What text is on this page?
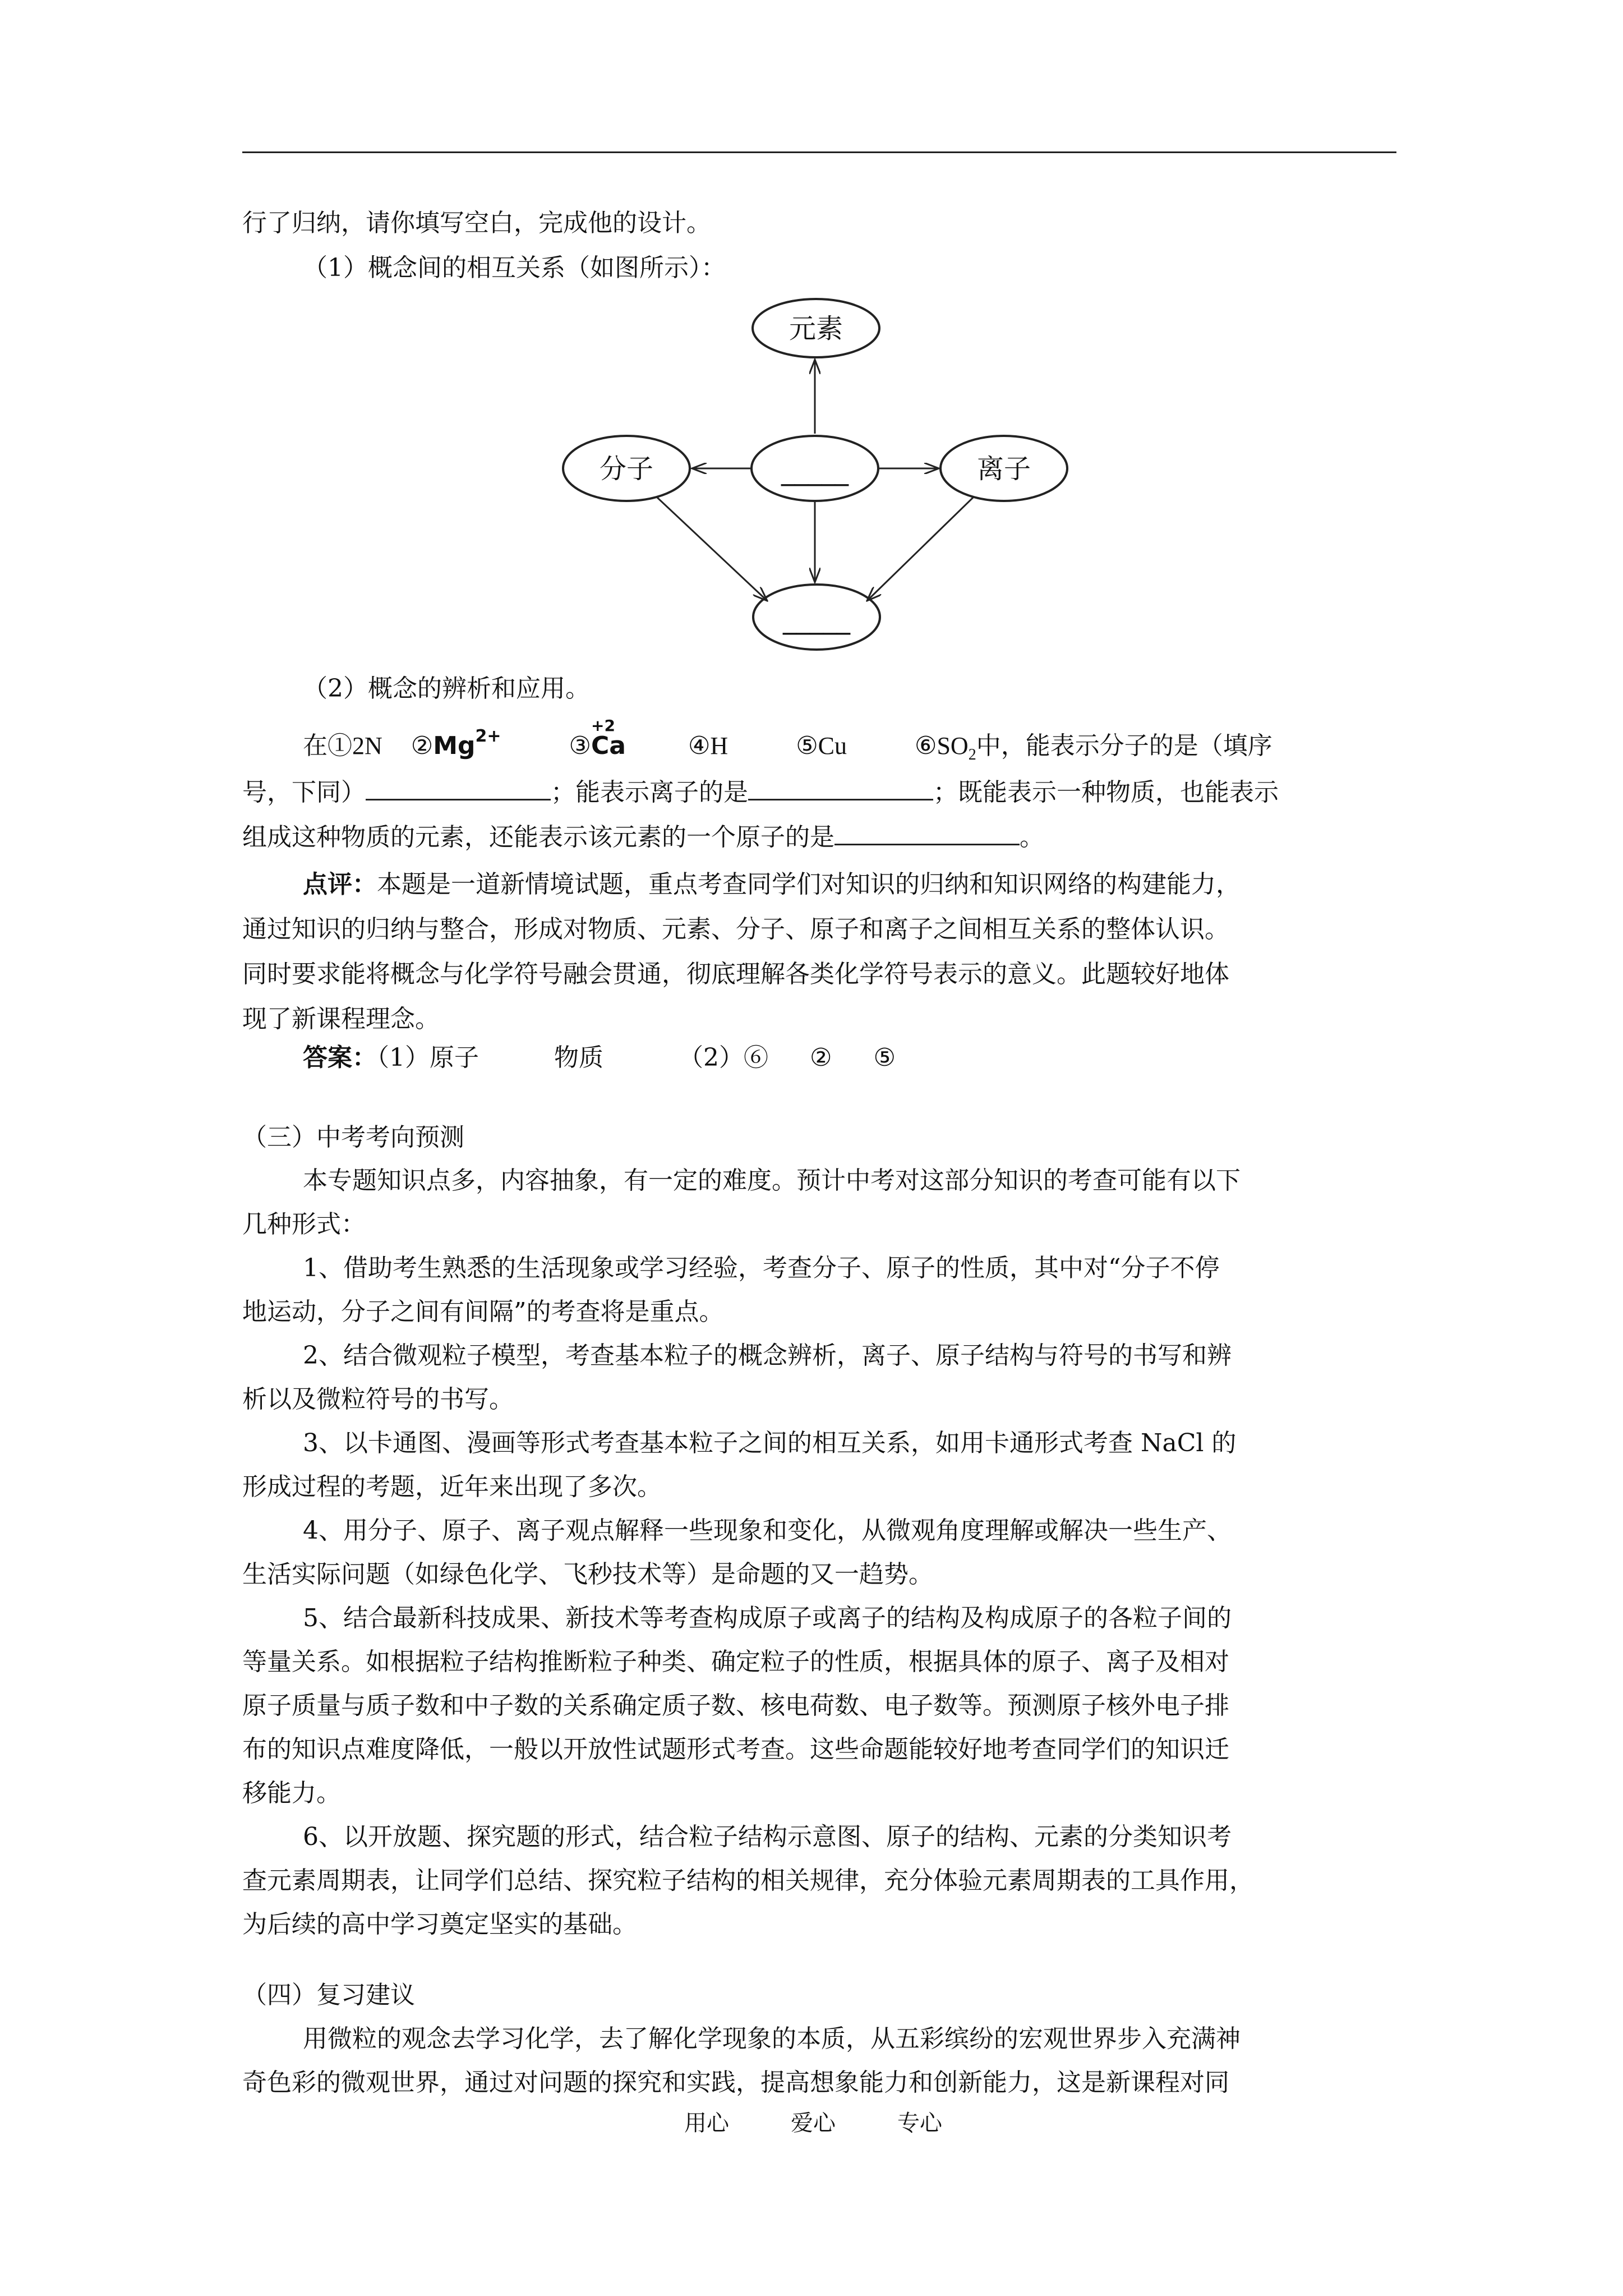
行了归纳，请你填写空白，完成他的设计。
（1）概念间的相互关系（如图所示）：
元素
分子	_____	离子
_____
（2）概念的辨析和应用。
在①2N $②Mg^{2+}$	③Ca
+2
④H	⑤Cu	$⑥SO_2$中，能表示分子的是（填序
号，下同）	；能表示离子的是	；既能表示一种物质，也能表示
组成这种物质的元素，还能表示该元素的一个原子的是	。
点评：本题是一道新情境试题，重点考查同学们对知识的归纳和知识网络的构建能力，
通过知识的归纳与整合，形成对物质、元素、分子、原子和离子之间相互关系的整体认识。
同时要求能将概念与化学符号融会贯通，彻底理解各类化学符号表示的意义。此题较好地体
现了新课程理念。
答案：（1）原子	物质	（2）⑥ ② ⑤
（三）中考考向预测
本专题知识点多，内容抽象，有一定的难度。预计中考对这部分知识的考查可能有以下
几种形式：
1、借助考生熟悉的生活现象或学习经验，考查分子、原子的性质，其中对“分子不停
地运动，分子之间有间隔”的考查将是重点。
2、结合微观粒子模型，考查基本粒子的概念辨析，离子、原子结构与符号的书写和辨
析以及微粒符号的书写。
3、以卡通图、漫画等形式考查基本粒子之间的相互关系，如用卡通形式考查 NaCl 的
形成过程的考题，近年来出现了多次。
4、用分子、原子、离子观点解释一些现象和变化，从微观角度理解或解决一些生产、
生活实际问题（如绿色化学、飞秒技术等）是命题的又一趋势。
5、结合最新科技成果、新技术等考查构成原子或离子的结构及构成原子的各粒子间的
等量关系。如根据粒子结构推断粒子种类、确定粒子的性质，根据具体的原子、离子及相对
原子质量与质子数和中子数的关系确定质子数、核电荷数、电子数等。预测原子核外电子排
布的知识点难度降低，一般以开放性试题形式考查。这些命题能较好地考查同学们的知识迁
移能力。
6、以开放题、探究题的形式，结合粒子结构示意图、原子的结构、元素的分类知识考
查元素周期表，让同学们总结、探究粒子结构的相关规律，充分体验元素周期表的工具作用，
为后续的高中学习奠定坚实的基础。
（四）复习建议
用微粒的观念去学习化学，去了解化学现象的本质，从五彩缤纷的宏观世界步入充满神
奇色彩的微观世界，通过对问题的探究和实践，提高想象能力和创新能力，这是新课程对同
用心	爱心	专心
